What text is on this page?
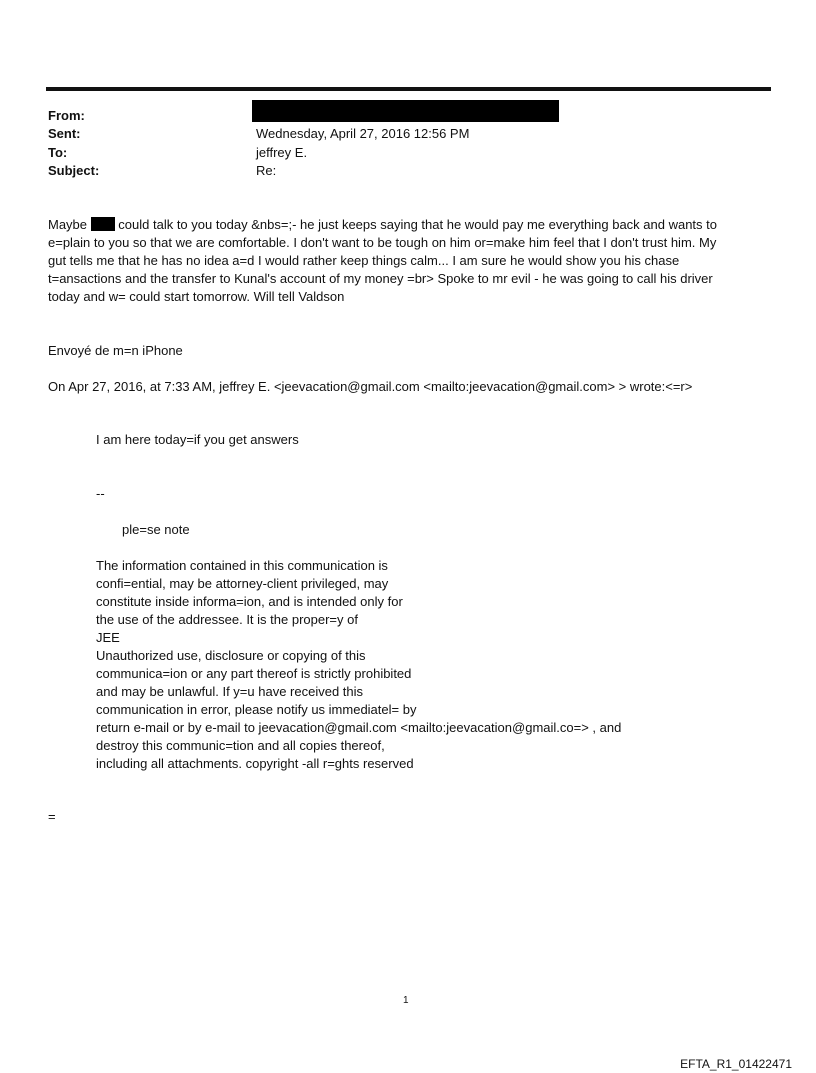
From:
Sent:	Wednesday, April 27, 2016 12:56 PM
To:	jeffrey E.
Subject:	Re:
Maybe could talk to you today &nbs=;- he just keeps saying that he would pay me everything back and wants to
e=plain to you so that we are comfortable. I don't want to be tough on him or=make him feel that I don't trust him. My
gut tells me that he has no idea a=d I would rather keep things calm... I am sure he would show you his chase
t=ansactions and the transfer to Kunal's account of my money =br> Spoke to mr evil - he was going to call his driver
today and w= could start tomorrow. Will tell Valdson
Envoyé de m=n iPhone
On Apr 27, 2016, at 7:33 AM, jeffrey E. <jeevacation@gmail.com <mailto:jeevacation@gmail.com> > wrote:<=r>
I am here today=if you get answers
--
ple=se note
The information contained in this communication is
confi=ential, may be attorney-client privileged, may
constitute inside informa=ion, and is intended only for
the use of the addressee. It is the proper=y of
JEE
Unauthorized use, disclosure or copying of this
communica=ion or any part thereof is strictly prohibited
and may be unlawful. If y=u have received this
communication in error, please notify us immediatel= by
return e-mail or by e-mail to jeevacation@gmail.com <mailto:jeevacation@gmail.co=> , and
destroy this communic=tion and all copies thereof,
including all attachments. copyright -all r=ghts reserved
=
1
EFTA_R1_01422471
